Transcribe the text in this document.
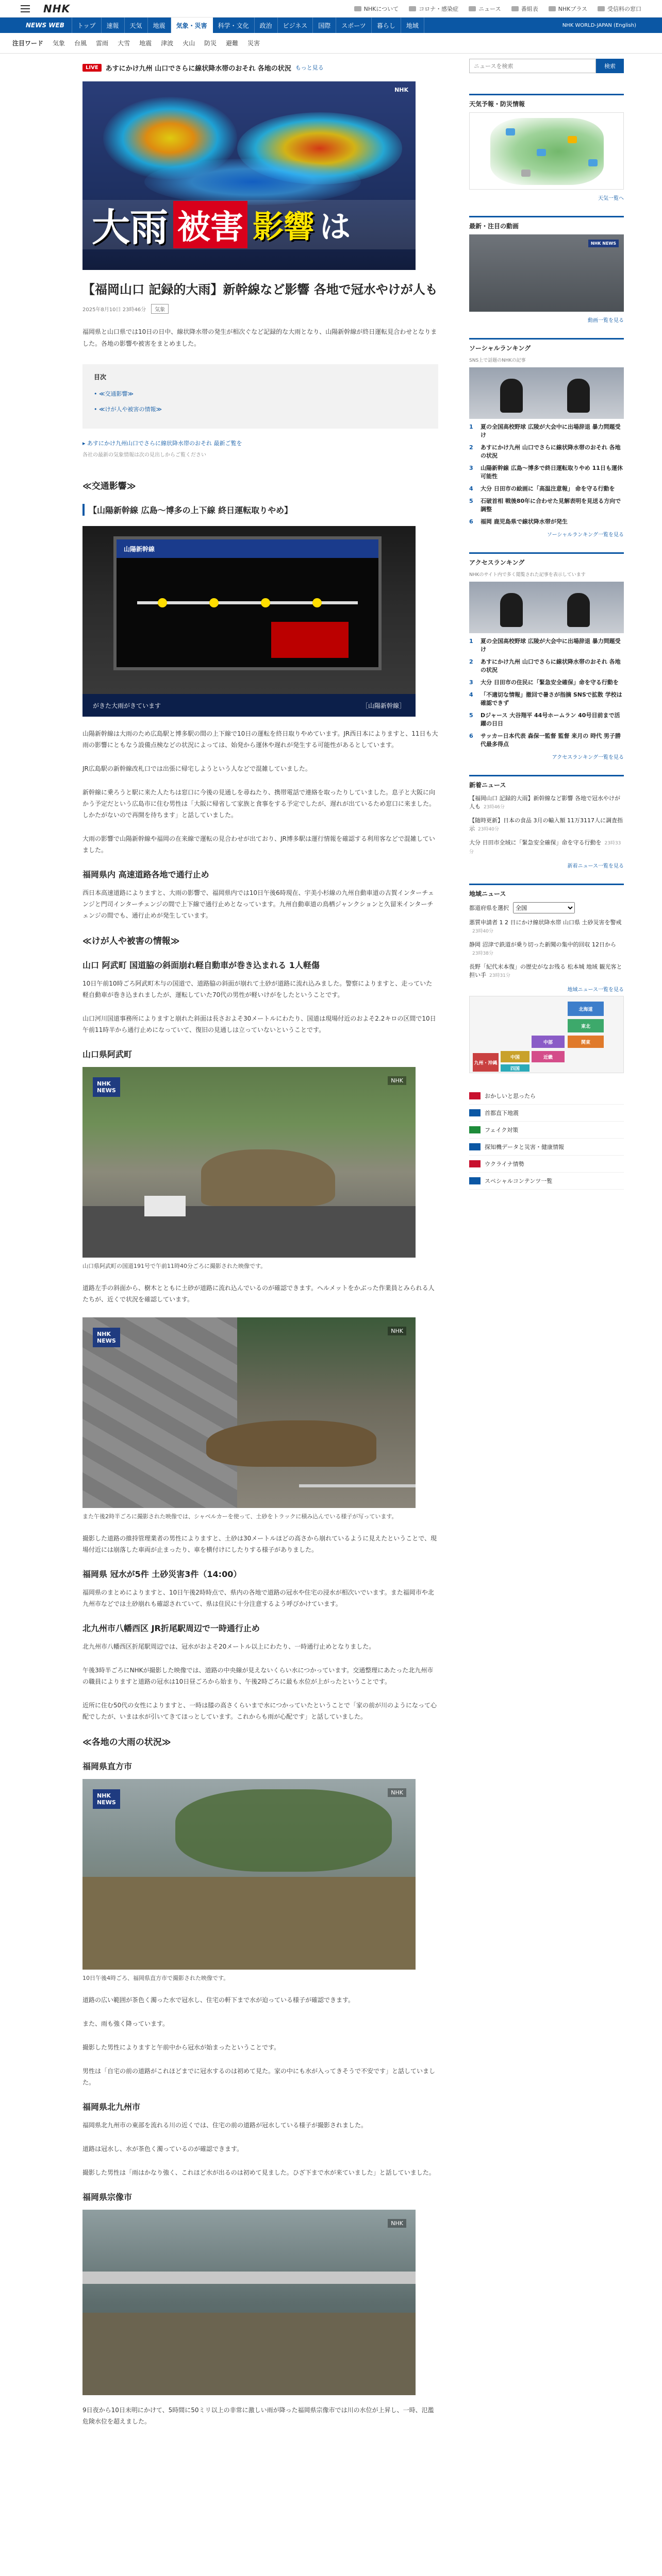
NHK	NHKについて	コロナ・感染症	ニュース	番組表	NHKプラス	受信料の窓口
NEWS WEB	トップ	速報	天気	地震	気象・災害	科学・文化	政治	ビジネス	国際	スポーツ	暮らし	地域	NHK WORLD-JAPAN (English)
注目ワード 気象 台風 雷雨 大雪 地震 津波 火山 防災 避難 災害
LIVE	あすにかけ九州 山口でさらに線状降水帯のおそれ 各地の状況 もっと見る
NHK
大雨 被害 影響 は
【福岡山口 記録的大雨】新幹線など影響 各地で冠水やけが人も
2025年8月10日 23時46分	気象

福岡県と山口県では10日の日中、線状降水帯の発生が相次ぐなど記録的な大雨となり、山陽新幹線が終日運転見合わせとなりました。各地の影響や被害をまとめました。

目次
• ≪交通影響≫
• ≪けが人や被害の情報≫
▸ あすにかけ九州山口でさらに線状降水帯のおそれ 最新ご覧を
各社の最新の気象情報は次の見出しからご覧ください
≪交通影響≫
【山陽新幹線 広島～博多の上下線 終日運転取りやめ】
山陽新幹線
がきた大雨がきています	［山陽新幹線］

山陽新幹線は大雨のため広島駅と博多駅の間の上下線で10日の運転を終日取りやめています。JR西日本によりますと、11日も大雨の影響にともなう設備点検などの状況によっては、始発から運休や遅れが発生する可能性があるとしています。

JR広島駅の新幹線改札口では出張に帰宅しようという人などで混雑していました。

新幹線に乗ろうと駅に来た人たちは窓口に今後の見通しを尋ねたり、携帯電話で連絡を取ったりしていました。息子と大阪に向かう予定だという広島市に住む男性は「大阪に帰省して家族と食事をする予定でしたが、遅れが出ているため窓口に来ました。しかたがないので再開を待ちます」と話していました。

大雨の影響で山陽新幹線や福岡の在来線で運転の見合わせが出ており、JR博多駅は運行情報を確認する利用客などで混雑していました。

福岡県内 高速道路各地で通行止め

西日本高速道路によりますと、大雨の影響で、福岡県内では10日午後6時現在、宇美小杉線の九州自動車道の古賀インターチェンジと門司インターチェンジの間で上下線で通行止めとなっています。九州自動車道の鳥栖ジャンクションと久留米インターチェンジの間でも、通行止めが発生しています。

≪けが人や被害の情報≫
山口 阿武町 国道脇の斜面崩れ軽自動車が巻き込まれる 1人軽傷

10日午前10時ごろ阿武町木与の国道で、道路脇の斜面が崩れて土砂が道路に流れ込みました。警察によりますと、走っていた軽自動車が巻き込まれましたが、運転していた70代の男性が軽いけがをしたということです。

山口河川国道事務所によりますと崩れた斜面は長さおよそ30メートルにわたり、国道は現場付近のおよそ2.2キロの区間で10日午前11時半から通行止めになっていて、復旧の見通しは立っていないということです。

山口県阿武町
NHK
NEWS
NHK
山口県阿武町の国道191号で午前11時40分ごろに撮影された映像です。

道路左手の斜面から、樹木とともに土砂が道路に流れ込んでいるのが確認できます。ヘルメットをかぶった作業員とみられる人たちが、近くで状況を確認しています。

NHK
NEWS
NHK
また午後2時半ごろに撮影された映像では、シャベルカーを使って、土砂をトラックに積み込んでいる様子が写っています。

撮影した道路の維持管理業者の男性によりますと、土砂は30メートルほどの高さから崩れているように見えたということで、現場付近には崩落した車両が止まったり、車を横付けにしたりする様子がありました。

福岡県 冠水が5件 土砂災害3件（14:00）

福岡県のまとめによりますと、10日午後2時時点で、県内の各地で道路の冠水や住宅の浸水が相次いでいます。また福岡市や北九州市などでは土砂崩れも確認されていて、県は住民に十分注意するよう呼びかけています。

北九州市八幡西区 JR折尾駅周辺で一時通行止め

北九州市八幡西区折尾駅周辺では、冠水がおよそ20メートル以上にわたり、一時通行止めとなりました。

午後3時半ごろにNHKが撮影した映像では、道路の中央線が見えないくらい水につかっています。交通整理にあたった北九州市の職員によりますと道路の冠水は10日昼ごろから始まり、午後2時ごろに最も水位が上がったということです。

近所に住む50代の女性によりますと、一時は膝の高さくらいまで水につかっていたということで「家の前が川のようになって心配でしたが、いまは水が引いてきてほっとしています。これからも雨が心配です」と話していました。

≪各地の大雨の状況≫
福岡県直方市
NHK
NEWS
NHK
10日午後4時ごろ、福岡県直方市で撮影された映像です。

道路の広い範囲が茶色く濁った水で冠水し、住宅の軒下まで水が迫っている様子が確認できます。

また、雨も強く降っています。

撮影した男性によりますと午前中から冠水が始まったということです。

男性は「自宅の前の道路がこれほどまでに冠水するのは初めて見た。家の中にも水が入ってきそうで不安です」と話していました。

福岡県北九州市

福岡県北九州市の東部を流れる川の近くでは、住宅の前の道路が冠水している様子が撮影されました。

道路は冠水し、水が茶色く濁っているのが確認できます。

撮影した男性は「雨はかなり強く、これほど水が出るのは初めて見ました。ひざ下まで水が来ていました」と話していました。

福岡県宗像市
NHK

9日夜から10日未明にかけて、5時間に50ミリ以上の非常に激しい雨が降った福岡県宗像市では川の水位が上昇し、一時、氾濫危険水位を超えました。

ニュースを検索
検索
天気予報・防災情報
天気一覧へ
最新・注目の動画
NHK NEWS
動画一覧を見る
ソーシャルランキング
SNS上で話題のNHKの記事
1	夏の全国高校野球 広陵が大会中に出場辞退 暴力問題受け
2	あすにかけ九州 山口でさらに線状降水帯のおそれ 各地の状況
3	山陽新幹線 広島～博多で終日運転取りやめ 11日も運休可能性
4	大分 日田市の絵画に「高温注意報」 命を守る行動を
5	石破首相 戦後80年に合わせた見解表明を見送る方向で調整
6	福岡 鹿児島県で線状降水帯が発生
ソーシャルランキング一覧を見る
アクセスランキング
NHKのサイト内で多く閲覧された記事を表示しています
1	夏の全国高校野球 広陵が大会中に出場辞退 暴力問題受け
2	あすにかけ九州 山口でさらに線状降水帯のおそれ 各地の状況
3	大分 日田市の住民に「緊急安全確保」命を守る行動を
4	「不適切な情報」撤回で暑さが指摘 SNSで拡散 学校は確認できず
5	Dジャース 大谷翔平 44号ホームラン 40号目前まで活躍の日日
6	サッカー日本代表 森保一監督 監督 来月の 時代 男子勝代最多得点
アクセスランキング一覧を見る
新着ニュース
【福岡山口 記録的大雨】新幹線など影響 各地で冠水やけが人も 23時46分
【随時更新】日本の食品 3月の輸入額 11万3117人に調査指示 23時40分
大分 日田市全域に「緊急安全確保」命を守る行動を 23時33分
新着ニュース一覧を見る
地域ニュース
都道府県を選択
全国
悪質申請者 1 2 日にかけ線状降水帯 山口県 土砂災害を警戒23時40分
静岡 沼津で鉄道が乗り切った新聞の集中的回収 12日から23時38分
長野「紀代末本復」の歴史がなお残る 松本城 地域 観光客と担い手 23時31分
地域ニュース一覧を見る
北海道
東北
関東
中部
近畿
中国
四国
九州・沖縄
おかしいと思ったら
首都直下地震
フェイク対策
探知機データと災害・健康情報
ウクライナ情勢
スペシャルコンテンツ一覧
